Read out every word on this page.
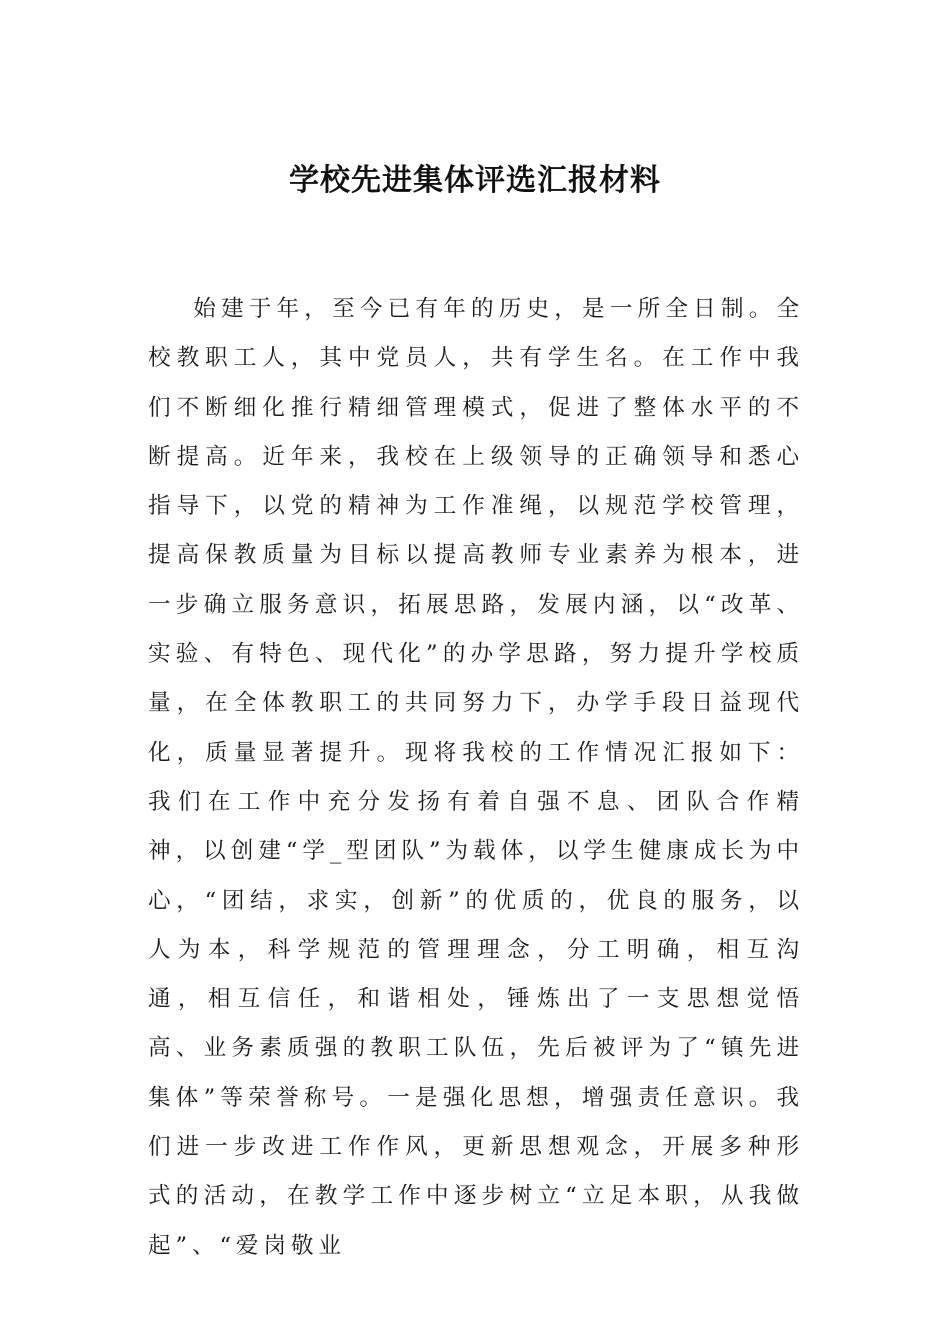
学校先进集体评选汇报材料

始建于年，至今已有年的历史，是一所全日制。全校教职工人，其中党员人，共有学生名。在工作中我们不断细化推行精细管理模式，促进了整体水平的不断提高。近年来，我校在上级领导的正确领导和悉心指导下，以党的精神为工作准绳，以规范学校管理，提高保教质量为目标以提高教师专业素养为根本，进一步确立服务意识，拓展思路，发展内涵，以“改革、实验、有特色、现代化”的办学思路，努力提升学校质量，在全体教职工的共同努力下，办学手段日益现代化，质量显著提升。现将我校的工作情况汇报如下：我们在工作中充分发扬有着自强不息、团队合作精神，以创建“学_型团队”为载体，以学生健康成长为中心，“团结，求实，创新”的优质的，优良的服务，以人为本，科学规范的管理理念，分工明确，相互沟通，相互信任，和谐相处，锤炼出了一支思想觉悟高、业务素质强的教职工队伍，先后被评为了“镇先进集体”等荣誉称号。一是强化思想，增强责任意识。我们进一步改进工作作风，更新思想观念，开展多种形式的活动，在教学工作中逐步树立“立足本职，从我做起”、“爱岗敬业
